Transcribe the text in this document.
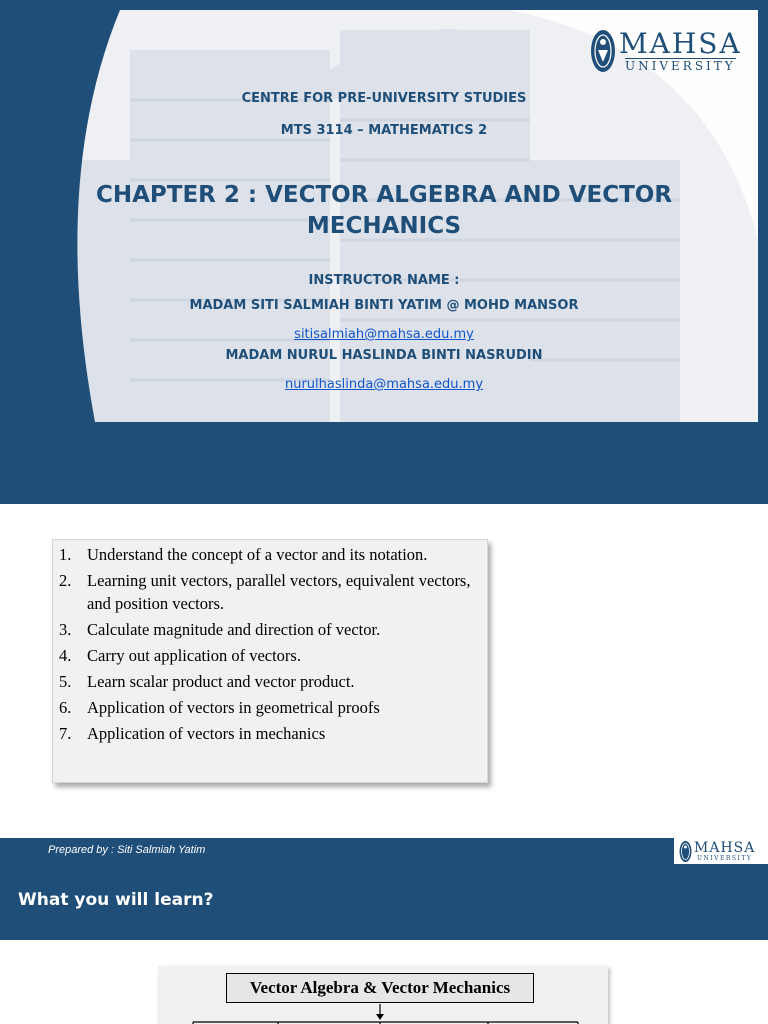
MAHSA
UNIVERSITY
CENTRE FOR PRE-UNIVERSITY STUDIES
MTS 3114 – MATHEMATICS 2
CHAPTER 2 : VECTOR ALGEBRA AND VECTOR
MECHANICS
INSTRUCTOR NAME :
MADAM SITI SALMIAH BINTI YATIM @ MOHD MANSOR
sitisalmiah@mahsa.edu.my
MADAM NURUL HASLINDA BINTI NASRUDIN
nurulhaslinda@mahsa.edu.my
1. Understand the concept of a vector and its notation.
2. Learning unit vectors, parallel vectors, equivalent vectors, and position vectors.
3. Calculate magnitude and direction of vector.
4. Carry out application of vectors.
5. Learn scalar product and vector product.
6. Application of vectors in geometrical proofs
7. Application of vectors in mechanics
Prepared by : Siti Salmiah Yatim	MAHSA
UNIVERSITY
What you will learn?
Vector Algebra & Vector Mechanics
